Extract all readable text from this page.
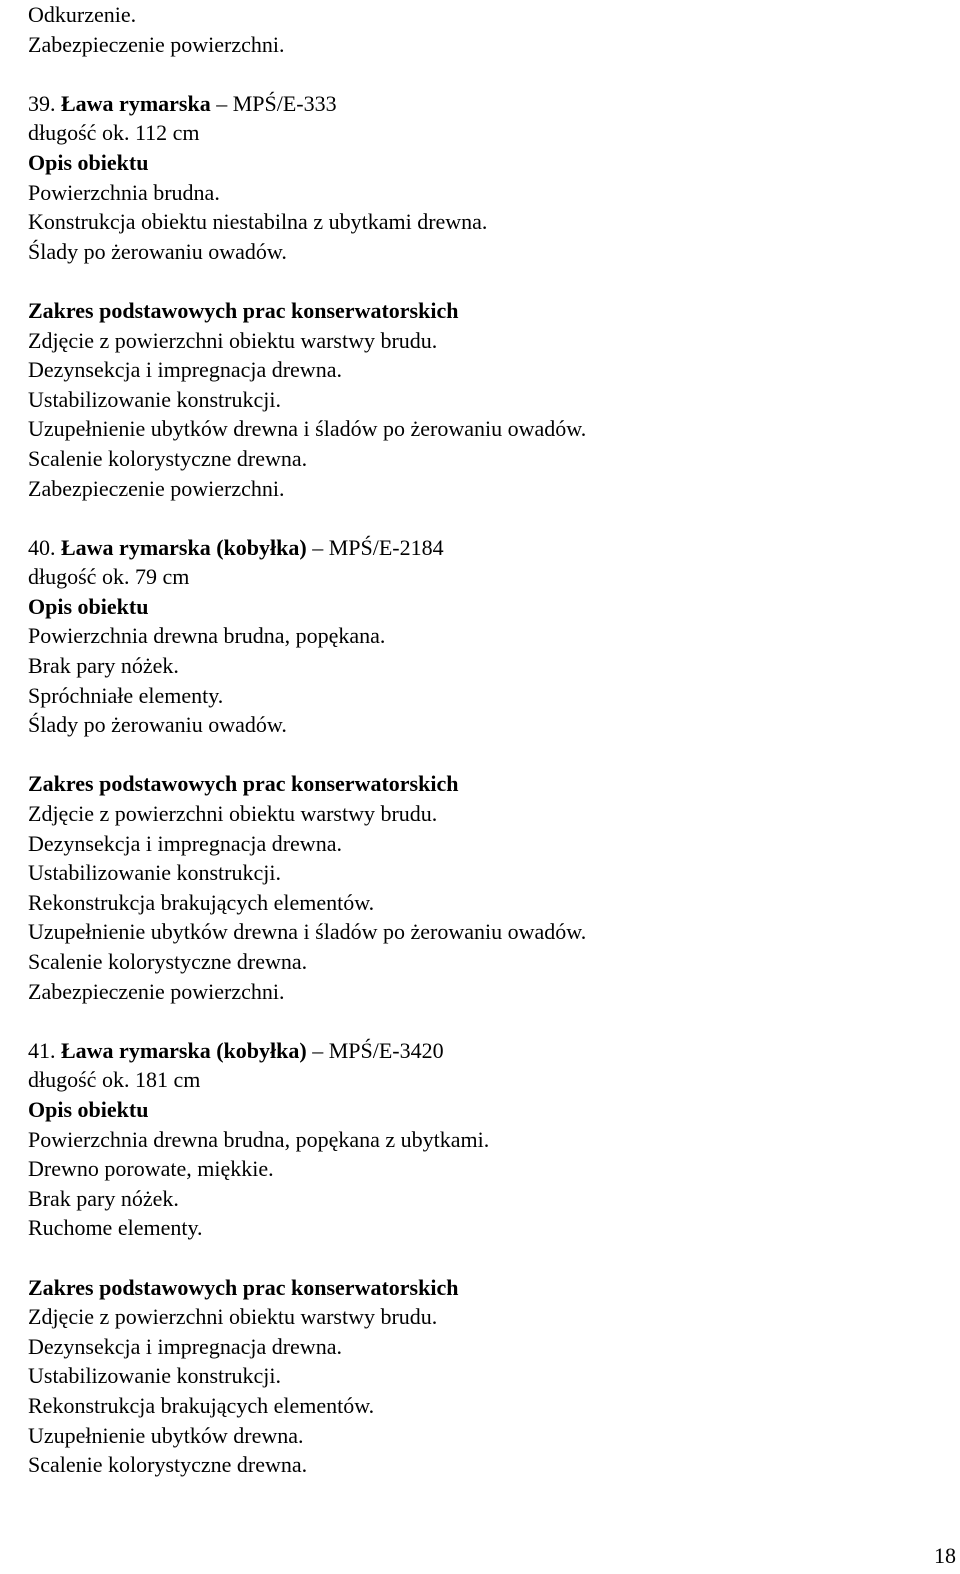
Odkurzenie.
Zabezpieczenie powierzchni.
39. Ława rymarska – MPŚ/E-333
długość ok. 112 cm
Opis obiektu
Powierzchnia brudna.
Konstrukcja obiektu niestabilna z ubytkami drewna.
Ślady po żerowaniu owadów.
Zakres podstawowych prac konserwatorskich
Zdjęcie z powierzchni obiektu warstwy brudu.
Dezynsekcja i impregnacja drewna.
Ustabilizowanie konstrukcji.
Uzupełnienie ubytków drewna i śladów po żerowaniu owadów.
Scalenie kolorystyczne drewna.
Zabezpieczenie powierzchni.
40. Ława rymarska (kobyłka) – MPŚ/E-2184
długość ok. 79 cm
Opis obiektu
Powierzchnia drewna brudna, popękana.
Brak pary nóżek.
Spróchniałe elementy.
Ślady po żerowaniu owadów.
Zakres podstawowych prac konserwatorskich
Zdjęcie z powierzchni obiektu warstwy brudu.
Dezynsekcja i impregnacja drewna.
Ustabilizowanie konstrukcji.
Rekonstrukcja brakujących elementów.
Uzupełnienie ubytków drewna i śladów po żerowaniu owadów.
Scalenie kolorystyczne drewna.
Zabezpieczenie powierzchni.
41. Ława rymarska (kobyłka) – MPŚ/E-3420
długość ok. 181 cm
Opis obiektu
Powierzchnia drewna brudna, popękana z ubytkami.
Drewno porowate, miękkie.
Brak pary nóżek.
Ruchome elementy.
Zakres podstawowych prac konserwatorskich
Zdjęcie z powierzchni obiektu warstwy brudu.
Dezynsekcja i impregnacja drewna.
Ustabilizowanie konstrukcji.
Rekonstrukcja brakujących elementów.
Uzupełnienie ubytków drewna.
Scalenie kolorystyczne drewna.
18
